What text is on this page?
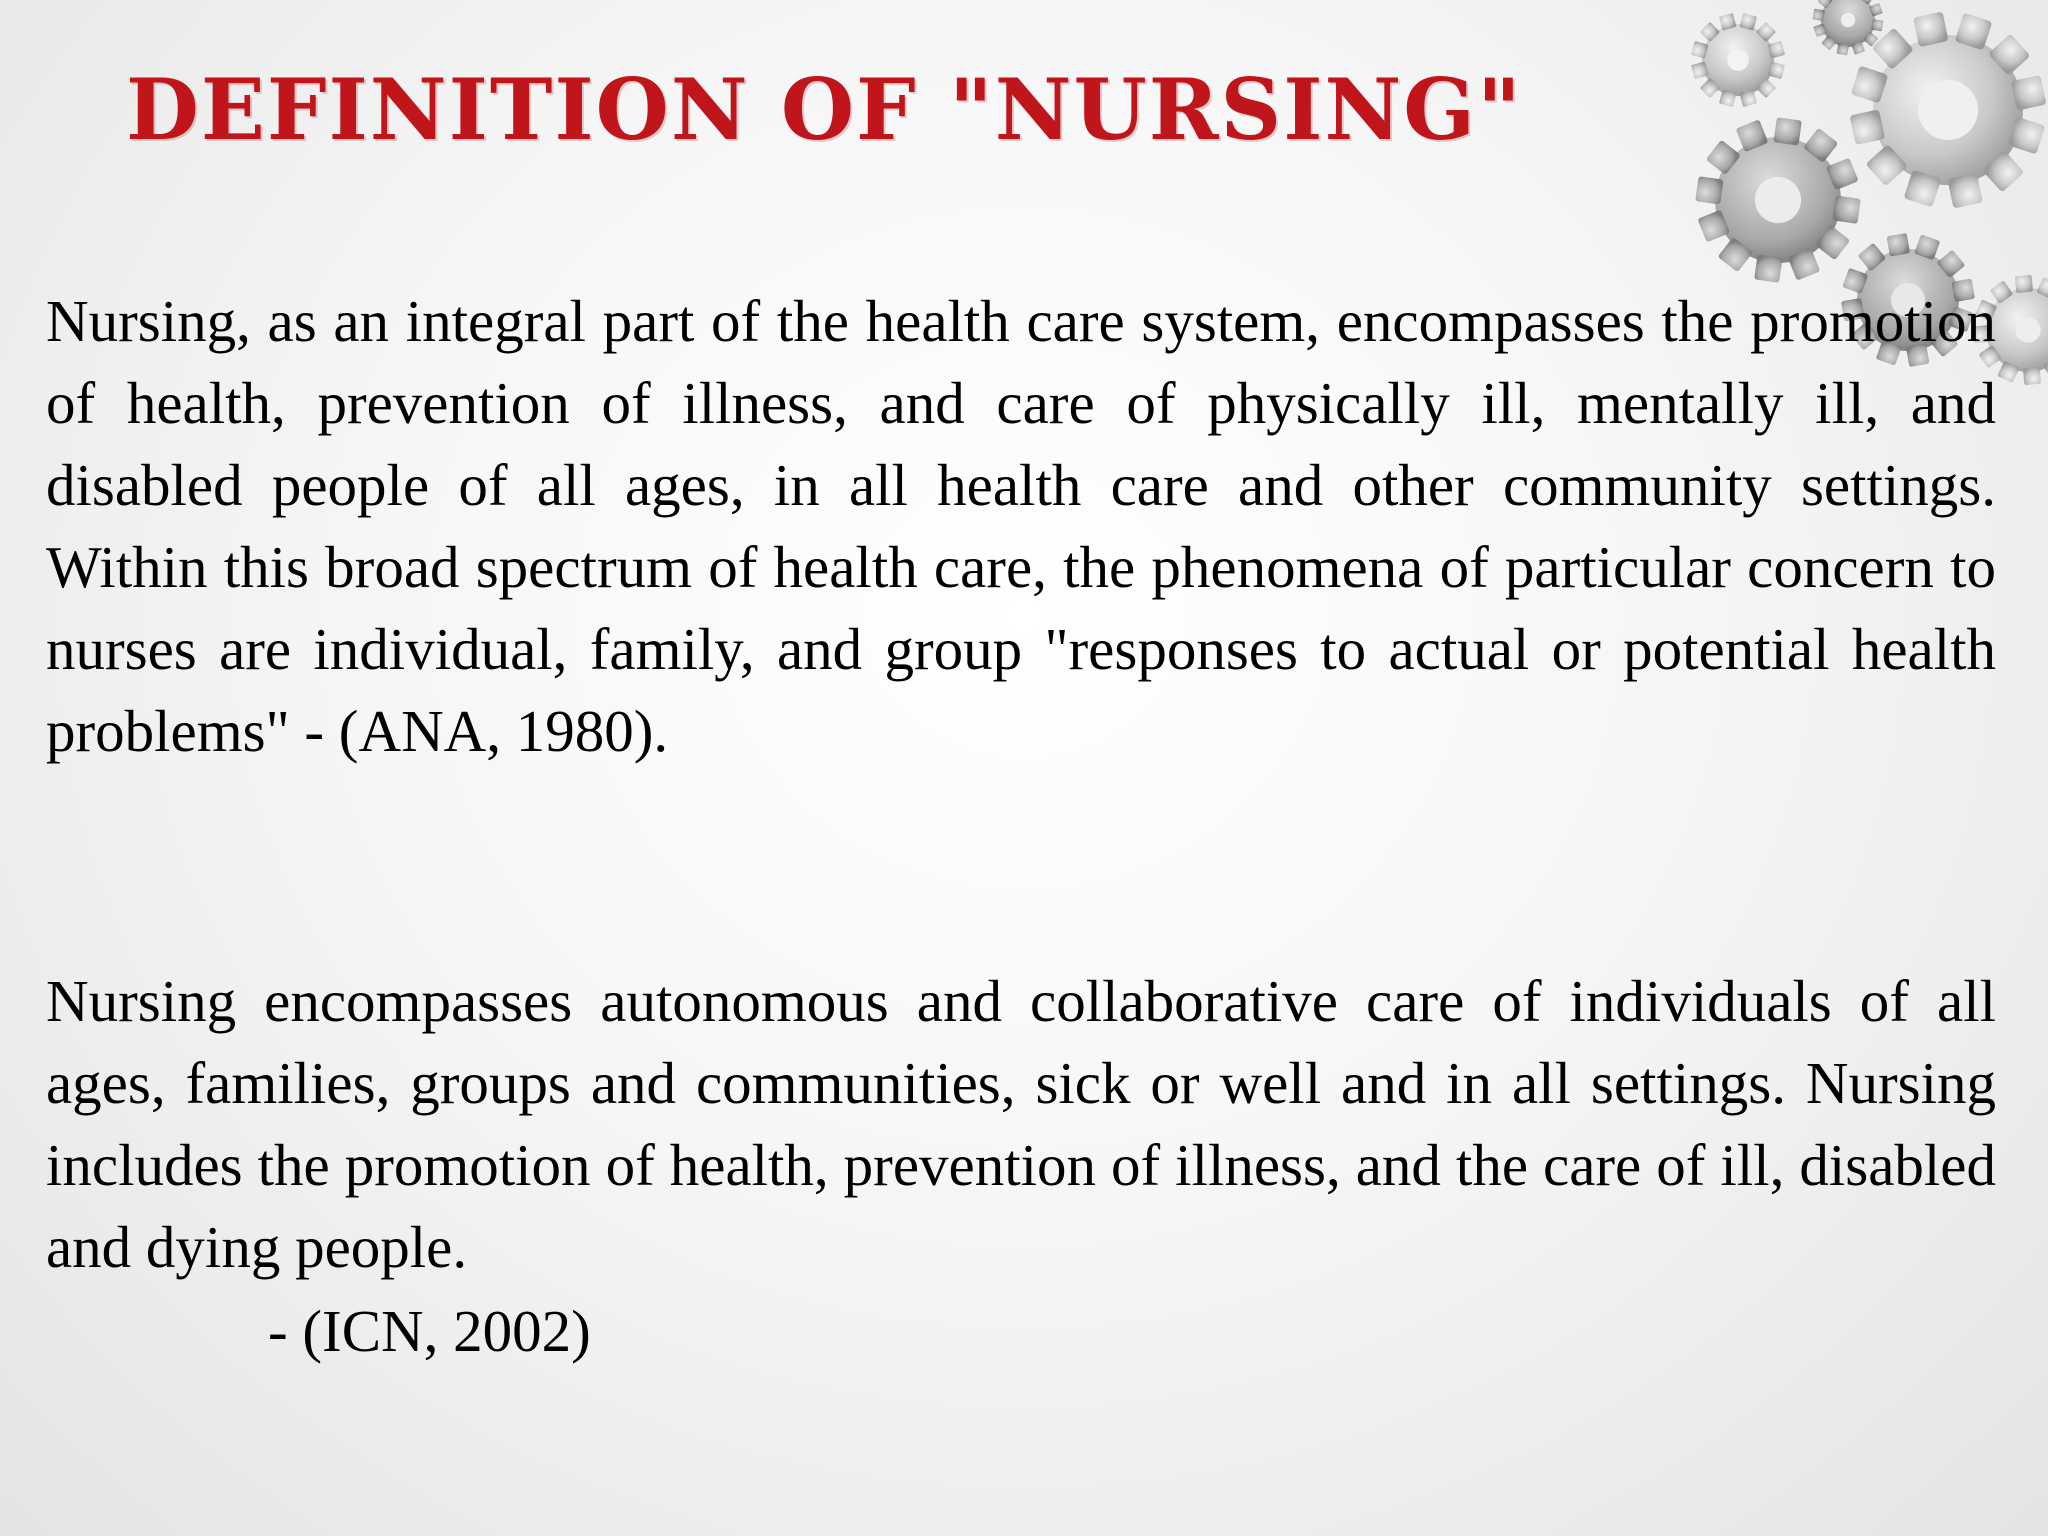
DEFINITION OF "NURSING"

Nursing, as an integral part of the health care system, encompasses the promotion of health, prevention of illness, and care of physically ill, mentally ill, and disabled people of all ages, in all health care and other community settings. Within this broad spectrum of health care, the phenomena of particular concern to nurses are individual, family, and group "responses to actual or potential health problems" - (ANA, 1980).

Nursing encompasses autonomous and collaborative care of individuals of all ages, families, groups and communities, sick or well and in all settings. Nursing includes the promotion of health, prevention of illness, and the care of ill, disabled and dying people.

- (ICN, 2002)
